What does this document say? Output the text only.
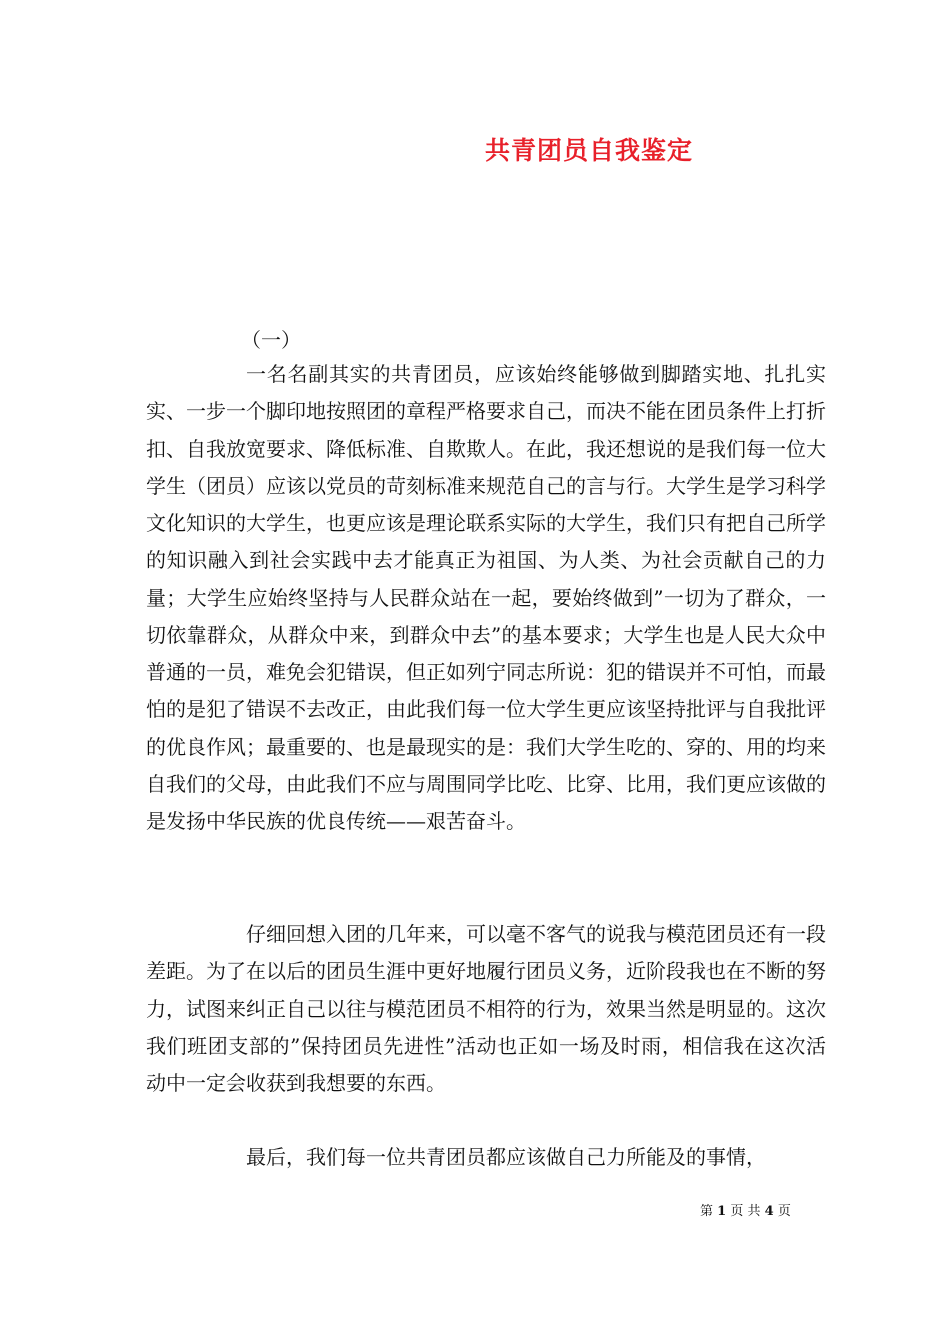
共青团员自我鉴定
（一）

一名名副其实的共青团员，应该始终能够做到脚踏实地、扎扎实实、一步一个脚印地按照团的章程严格要求自己，而决不能在团员条件上打折扣、自我放宽要求、降低标准、自欺欺人。在此，我还想说的是我们每一位大学生（团员）应该以党员的苛刻标准来规范自己的言与行。大学生是学习科学文化知识的大学生，也更应该是理论联系实际的大学生，我们只有把自己所学的知识融入到社会实践中去才能真正为祖国、为人类、为社会贡献自己的力量；大学生应始终坚持与人民群众站在一起，要始终做到”一切为了群众，一切依靠群众，从群众中来，到群众中去”的基本要求；大学生也是人民大众中普通的一员，难免会犯错误，但正如列宁同志所说：犯的错误并不可怕，而最怕的是犯了错误不去改正，由此我们每一位大学生更应该坚持批评与自我批评的优良作风；最重要的、也是最现实的是：我们大学生吃的、穿的、用的均来自我们的父母，由此我们不应与周围同学比吃、比穿、比用，我们更应该做的是发扬中华民族的优良传统——艰苦奋斗。

仔细回想入团的几年来，可以毫不客气的说我与模范团员还有一段差距。为了在以后的团员生涯中更好地履行团员义务，近阶段我也在不断的努力，试图来纠正自己以往与模范团员不相符的行为，效果当然是明显的。这次我们班团支部的”保持团员先进性”活动也正如一场及时雨，相信我在这次活动中一定会收获到我想要的东西。

最后，我们每一位共青团员都应该做自己力所能及的事情，

第 1 页 共 4 页
